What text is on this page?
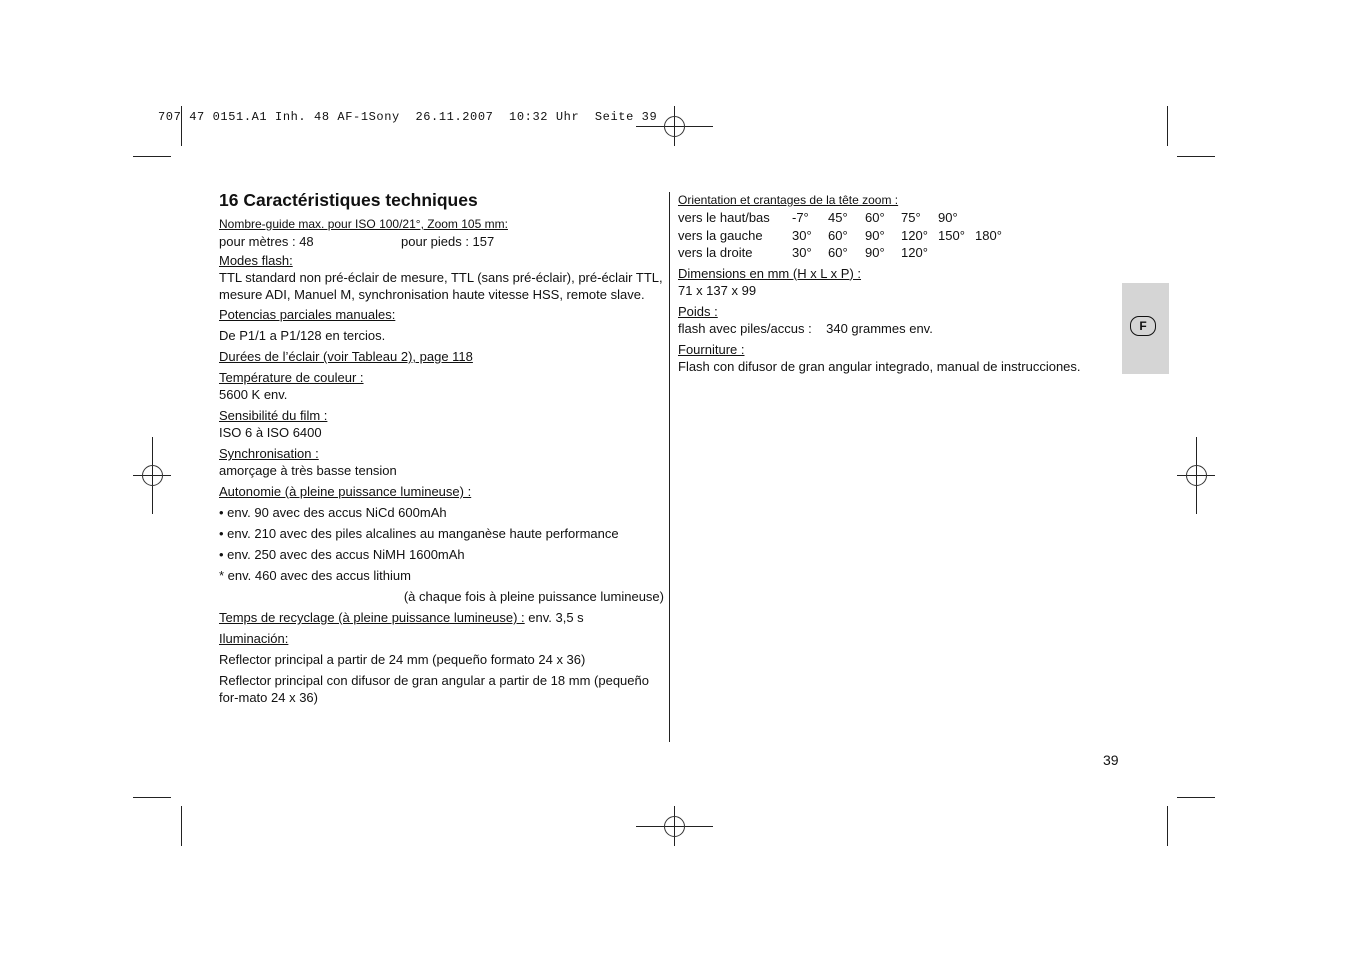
707 47 0151.A1 Inh. 48 AF-1Sony  26.11.2007  10:32 Uhr  Seite 39
16 Caractéristiques techniques

Nombre-guide max. pour ISO 100/21°, Zoom 105 mm:

pour mètres : 48	pour pieds : 157

Modes flash:

TTL standard non pré-éclair de mesure, TTL (sans pré-éclair), pré-éclair TTL, mesure ADI, Manuel M, synchronisation haute vitesse HSS, remote slave.

Potencias parciales manuales:

De P1/1 a P1/128 en tercios.

Durées de l’éclair (voir Tableau 2), page 118

Température de couleur :

5600 K env.

Sensibilité du film :

ISO 6 à ISO 6400

Synchronisation :

amorçage à très basse tension

Autonomie (à pleine puissance lumineuse) :

• env. 90 avec des accus NiCd 600mAh

• env. 210 avec des piles alcalines au manganèse haute performance

• env. 250 avec des accus NiMH 1600mAh

* env. 460 avec des accus lithium

(à chaque fois à pleine puissance lumineuse)

Temps de recyclage (à pleine puissance lumineuse) : env. 3,5 s

Iluminación:

Reflector principal a partir de 24 mm (pequeño formato 24 x 36)

Reflector principal con difusor de gran angular a partir de 18 mm (pequeño for-mato 24 x 36)

Orientation et crantages de la tête zoom :

vers le haut/bas	-7°	45°	60°	75°	90°		
vers la gauche	30°	60°	90°	120°	150°	180°	
vers la droite	30°	60°	90°	120°			

Dimensions en mm (H x L x P) :

71 x 137 x 99

Poids :

flash avec piles/accus :    340 grammes env.

Fourniture :

Flash con difusor de gran angular integrado, manual de instrucciones.

F
39
